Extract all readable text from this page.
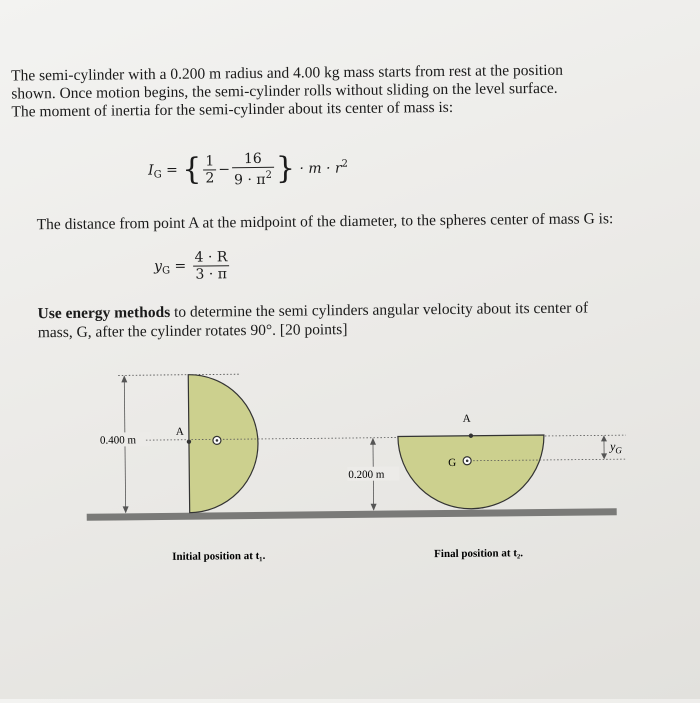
The semi-cylinder with a 0.200 m radius and 4.00 kg mass starts from rest at the position
shown. Once motion begins, the semi-cylinder rolls without sliding on the level surface.
The moment of inertia for the semi-cylinder about its center of mass is:
$I_G$ = { $\frac{1}{2} - \frac{16}{9 \cdot \pi^2}$ } · $m \cdot r^2$
The distance from point A at the midpoint of the diameter, to the spheres center of mass G is:
$y_G = \frac{4 \cdot R}{3 \cdot \pi}$
Use energy methods to determine the semi cylinders angular velocity about its center of
mass, G, after the cylinder rotates 90°. [20 points]
0.400 m
A
A
G
0.200 m
$y_G$
Initial position at t₁.	Final position at t₂.
